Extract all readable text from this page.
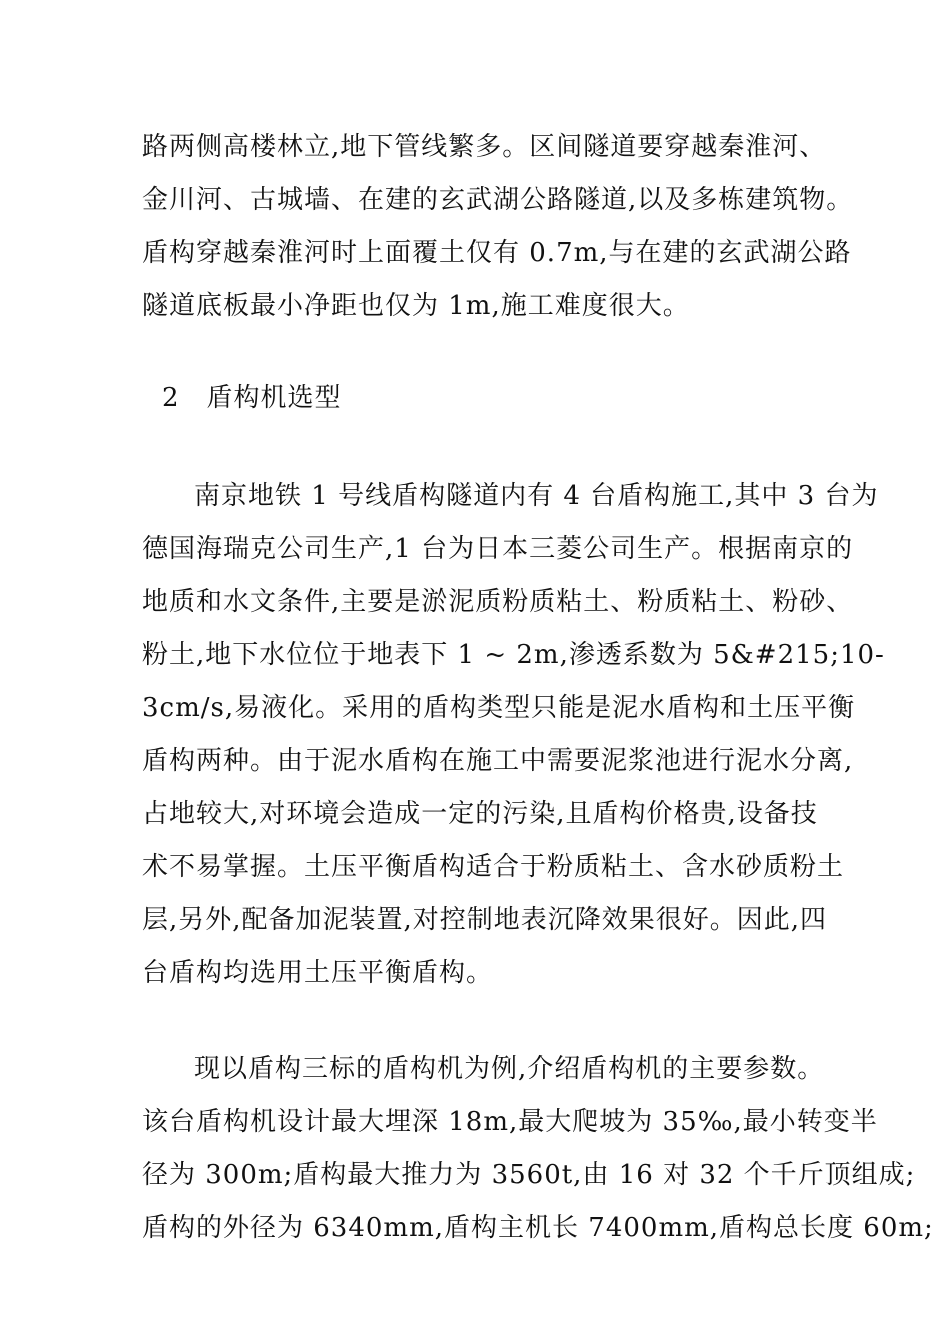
路两侧高楼林立,地下管线繁多。区间隧道要穿越秦淮河、
金川河、古城墙、在建的玄武湖公路隧道,以及多栋建筑物。
盾构穿越秦淮河时上面覆土仅有 0.7m,与在建的玄武湖公路
隧道底板最小净距也仅为 1m,施工难度很大。
2　盾构机选型
南京地铁 1 号线盾构隧道内有 4 台盾构施工,其中 3 台为
德国海瑞克公司生产,1 台为日本三菱公司生产。根据南京的
地质和水文条件,主要是淤泥质粉质粘土、粉质粘土、粉砂、
粉土,地下水位位于地表下 1 ~ 2m,渗透系数为 5&#215;10-
3cm/s,易液化。采用的盾构类型只能是泥水盾构和土压平衡
盾构两种。由于泥水盾构在施工中需要泥浆池进行泥水分离,
占地较大,对环境会造成一定的污染,且盾构价格贵,设备技
术不易掌握。土压平衡盾构适合于粉质粘土、含水砂质粉土
层,另外,配备加泥装置,对控制地表沉降效果很好。因此,四
台盾构均选用土压平衡盾构。
现以盾构三标的盾构机为例,介绍盾构机的主要参数。
该台盾构机设计最大埋深 18m,最大爬坡为 35‰,最小转变半
径为 300m;盾构最大推力为 3560t,由 16 对 32 个千斤顶组成;
盾构的外径为 6340mm,盾构主机长 7400mm,盾构总长度 60m;
